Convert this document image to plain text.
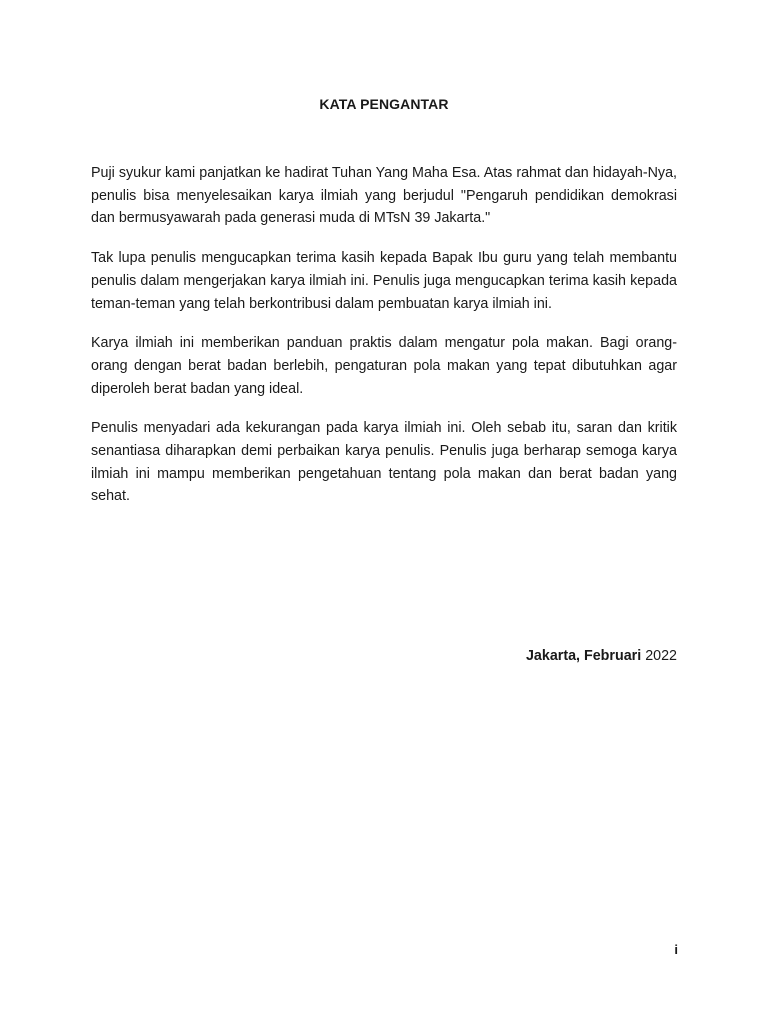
KATA PENGANTAR

Puji syukur kami panjatkan ke hadirat Tuhan Yang Maha Esa. Atas rahmat dan hidayah-Nya, penulis bisa menyelesaikan karya ilmiah yang berjudul "Pengaruh pendidikan demokrasi dan bermusyawarah pada generasi muda di MTsN 39 Jakarta."

Tak lupa penulis mengucapkan terima kasih kepada Bapak Ibu guru yang telah membantu penulis dalam mengerjakan karya ilmiah ini. Penulis juga mengucapkan terima kasih kepada teman-teman yang telah berkontribusi dalam pembuatan karya ilmiah ini.

Karya ilmiah ini memberikan panduan praktis dalam mengatur pola makan. Bagi orang-orang dengan berat badan berlebih, pengaturan pola makan yang tepat dibutuhkan agar diperoleh berat badan yang ideal.

Penulis menyadari ada kekurangan pada karya ilmiah ini. Oleh sebab itu, saran dan kritik senantiasa diharapkan demi perbaikan karya penulis. Penulis juga berharap semoga karya ilmiah ini mampu memberikan pengetahuan tentang pola makan dan berat badan yang sehat.

Jakarta, Februari 2022
i
